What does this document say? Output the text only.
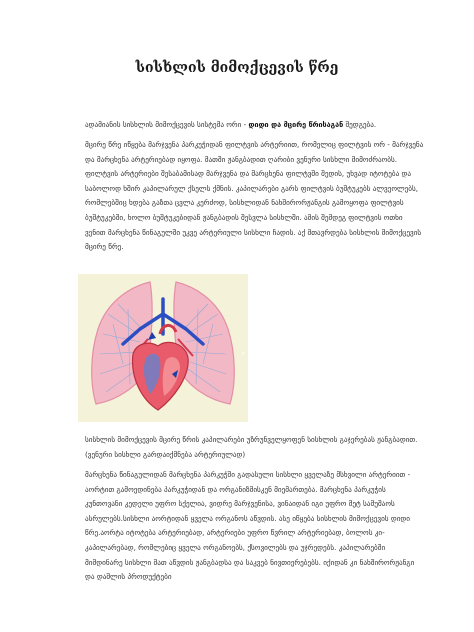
სისხლის მიმოქცევის წრე

ადამიანის სისხლის მიმოქცევის სისტემა ორი - დიდი და მცირე წრისაგან შედგება.

მცირე წრე იწყება მარჯვენა პარკუჭიდან ფილტვის არტერიით, რომელიც ფილტვის ორ - მარჯვენა და მარცხენა არტერიებად იყოფა. მათში ჟანგბადით ღარიბი ვენური სისხლი მიმოძრაობს. ფილტვის არტერიები შესაბამისად მარჯვენა და მარცხენა ფილტვში შედის, უხვად იტოტება და საბოლოდ ხშირ კაპილარულ ქსელს ქმნის. კაპილარები გარს ფილტვის ბუშტუკებს ალვეოლებს, რომლებშიც ხდება გაზთა ცვლა კერძოდ, სისხლიდან ნახშირორჟანგის გამოყოფა ფილტვის ბუშტუკებში, ხოლო ბუშტუკებიდან ჟანგბადის შესვლა სისხლში. ამის შემდეგ ფილტვის ოთხი ვენით მარცხენა წინაგულში უკვე არტერიული სისხლი ჩადის. აქ მთავრდება სისხლის მიმოქცევის მცირე წრე.

›

სისხლის მიმოქცევის მცირე წრის კაპილარები უზრუნველყოფენ სისხლის გაჯერებას ჟანგბადით. (ვენური სისხლი გარდაიქმნება არტერიულად)

მარცხენა წინაგულიდან მარცხენა პარკუჭში გადასული სისხლი ყველაზე მსხვილი არტერიით - აორტით გამოედინება პარკუჭიდან და ორგანიზმისკენ მიემართება. მარცხენა პარკუჭის კუნთოვანი კედელი უფრო სქელია, ვიდრე მარჯვენისა, ვინაიდან იგი უფრო მეტ სამუშაოს ასრულებს.სისხლი აორტიდან ყველა ორგანოს აწვდის. ასე იწყება სისხლის მიმოქცევის დიდი წრე.აორტა იტოტება არტერიებად, არტერიები უფრო წვრილ არტერიებად, ბოლოს კი- კაპილარებად, რომლებიც ყველა ორგანოებს, ქსოვილებს და უჯრედებს. კაპილარებში მიმდინარე სისხლი მათ აწვდის ჟანგბადსა და საკვებ ნივთიერებებს. იქიდან კი ნახშირორჟანგი და დაშლის პროდუქტები
